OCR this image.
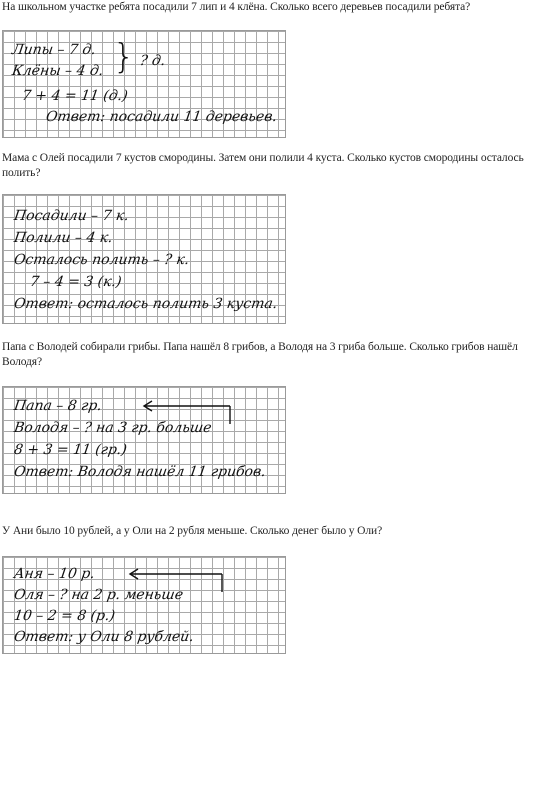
На школьном участке ребята посадили 7 лип и 4 клёна. Сколько всего деревьев посадили ребята?
Липы – 7 д.
Клёны – 4 д. } ? д.
7 + 4 = 11 (д.)
Ответ: посадили 11 деревьев.
Мама с Олей посадили 7 кустов смородины. Затем они полили 4 куста. Сколько кустов смородины осталось полить?
Посадили – 7 к.
Полили – 4 к.
Осталось полить – ? к.
7 – 4 = 3 (к.)
Ответ: осталось полить 3 куста.
Папа с Володей собирали грибы. Папа нашёл 8 грибов, а Володя на 3 гриба больше. Сколько грибов нашёл Володя?
Папа – 8 гр.
Володя – ? на 3 гр. больше
8 + 3 = 11 (гр.)
Ответ: Володя нашёл 11 грибов.
У Ани было 10 рублей, а у Оли на 2 рубля меньше. Сколько денег было у Оли?
Аня – 10 р.
Оля – ? на 2 р. меньше
10 – 2 = 8 (р.)
Ответ: у Оли 8 рублей.
